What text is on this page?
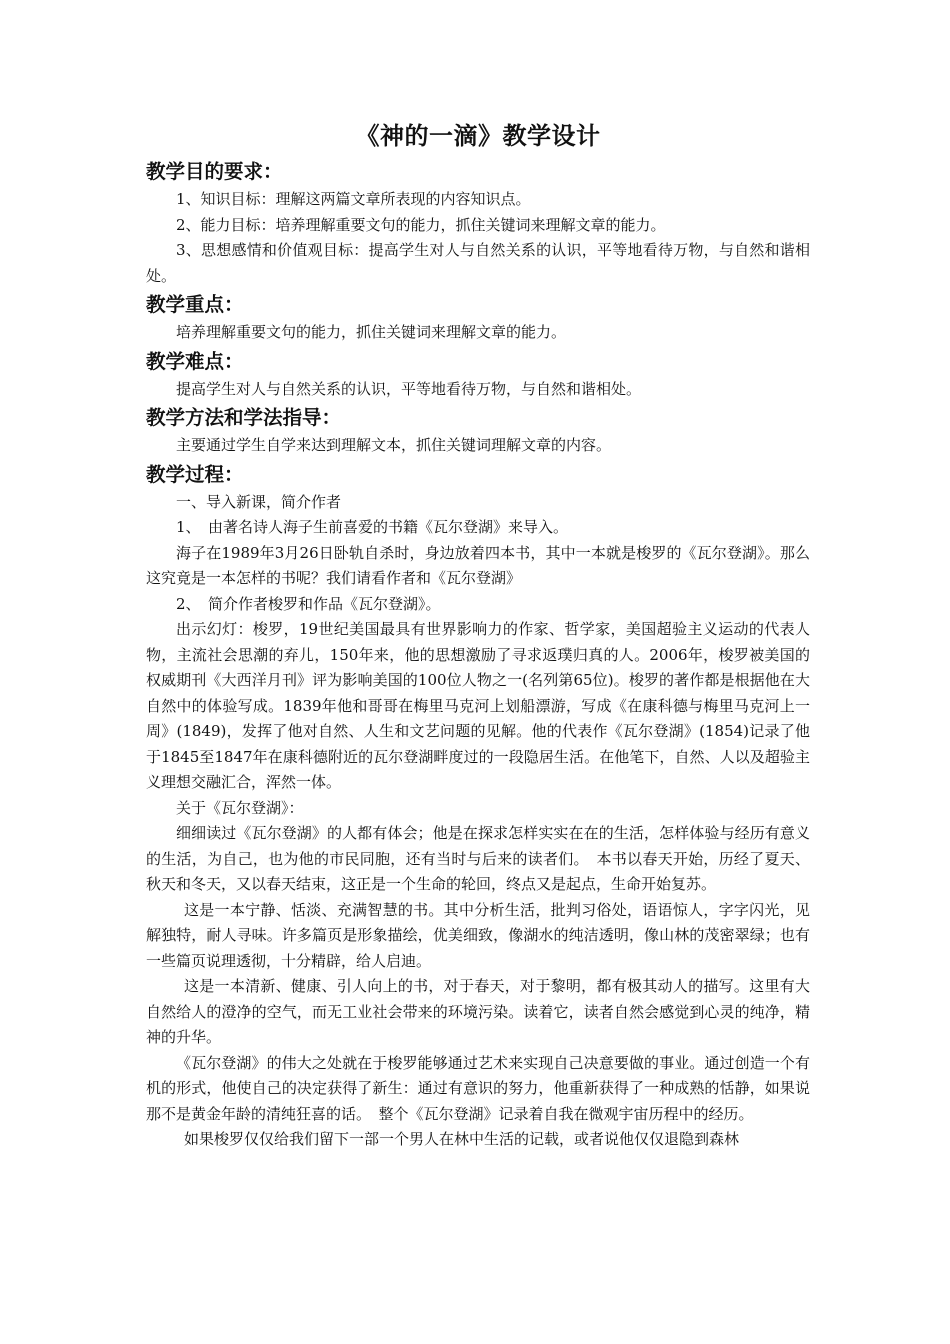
《神的一滴》教学设计
教学目的要求：

1、知识目标：理解这两篇文章所表现的内容知识点。

2、能力目标：培养理解重要文句的能力，抓住关键词来理解文章的能力。

3、思想感情和价值观目标：提高学生对人与自然关系的认识，平等地看待万物，与自然和谐相处。

教学重点：

培养理解重要文句的能力，抓住关键词来理解文章的能力。

教学难点：

提高学生对人与自然关系的认识，平等地看待万物，与自然和谐相处。

教学方法和学法指导：

主要通过学生自学来达到理解文本，抓住关键词理解文章的内容。

教学过程：

一、导入新课，简介作者

1、　由著名诗人海子生前喜爱的书籍《瓦尔登湖》来导入。

海子在1989年3月26日卧轨自杀时，身边放着四本书，其中一本就是梭罗的《瓦尔登湖》。那么这究竟是一本怎样的书呢？我们请看作者和《瓦尔登湖》

2、　简介作者梭罗和作品《瓦尔登湖》。

出示幻灯：梭罗，19世纪美国最具有世界影响力的作家、哲学家，美国超验主义运动的代表人物，主流社会思潮的弃儿，150年来，他的思想激励了寻求返璞归真的人。2006年，梭罗被美国的权威期刊《大西洋月刊》评为影响美国的100位人物之一(名列第65位)。梭罗的著作都是根据他在大自然中的体验写成。1839年他和哥哥在梅里马克河上划船漂游，写成《在康科德与梅里马克河上一周》(1849)，发挥了他对自然、人生和文艺问题的见解。他的代表作《瓦尔登湖》(1854)记录了他于1845至1847年在康科德附近的瓦尔登湖畔度过的一段隐居生活。在他笔下，自然、人以及超验主义理想交融汇合，浑然一体。

关于《瓦尔登湖》：

细细读过《瓦尔登湖》的人都有体会；他是在探求怎样实实在在的生活，怎样体验与经历有意义的生活，为自己，也为他的市民同胞，还有当时与后来的读者们。　本书以春天开始，历经了夏天、秋天和冬天，又以春天结束，这正是一个生命的轮回，终点又是起点，生命开始复苏。

这是一本宁静、恬淡、充满智慧的书。其中分析生活，批判习俗处，语语惊人，字字闪光，见解独特，耐人寻味。许多篇页是形象描绘，优美细致，像湖水的纯洁透明，像山林的茂密翠绿；也有一些篇页说理透彻，十分精辟，给人启迪。

这是一本清新、健康、引人向上的书，对于春天，对于黎明，都有极其动人的描写。这里有大自然给人的澄净的空气，而无工业社会带来的环境污染。读着它，读者自然会感觉到心灵的纯净，精神的升华。

《瓦尔登湖》的伟大之处就在于梭罗能够通过艺术来实现自己决意要做的事业。通过创造一个有机的形式，他使自己的决定获得了新生：通过有意识的努力，他重新获得了一种成熟的恬静，如果说那不是黄金年龄的清纯狂喜的话。　整个《瓦尔登湖》记录着自我在微观宇宙历程中的经历。

如果梭罗仅仅给我们留下一部一个男人在林中生活的记载，或者说他仅仅退隐到森林
